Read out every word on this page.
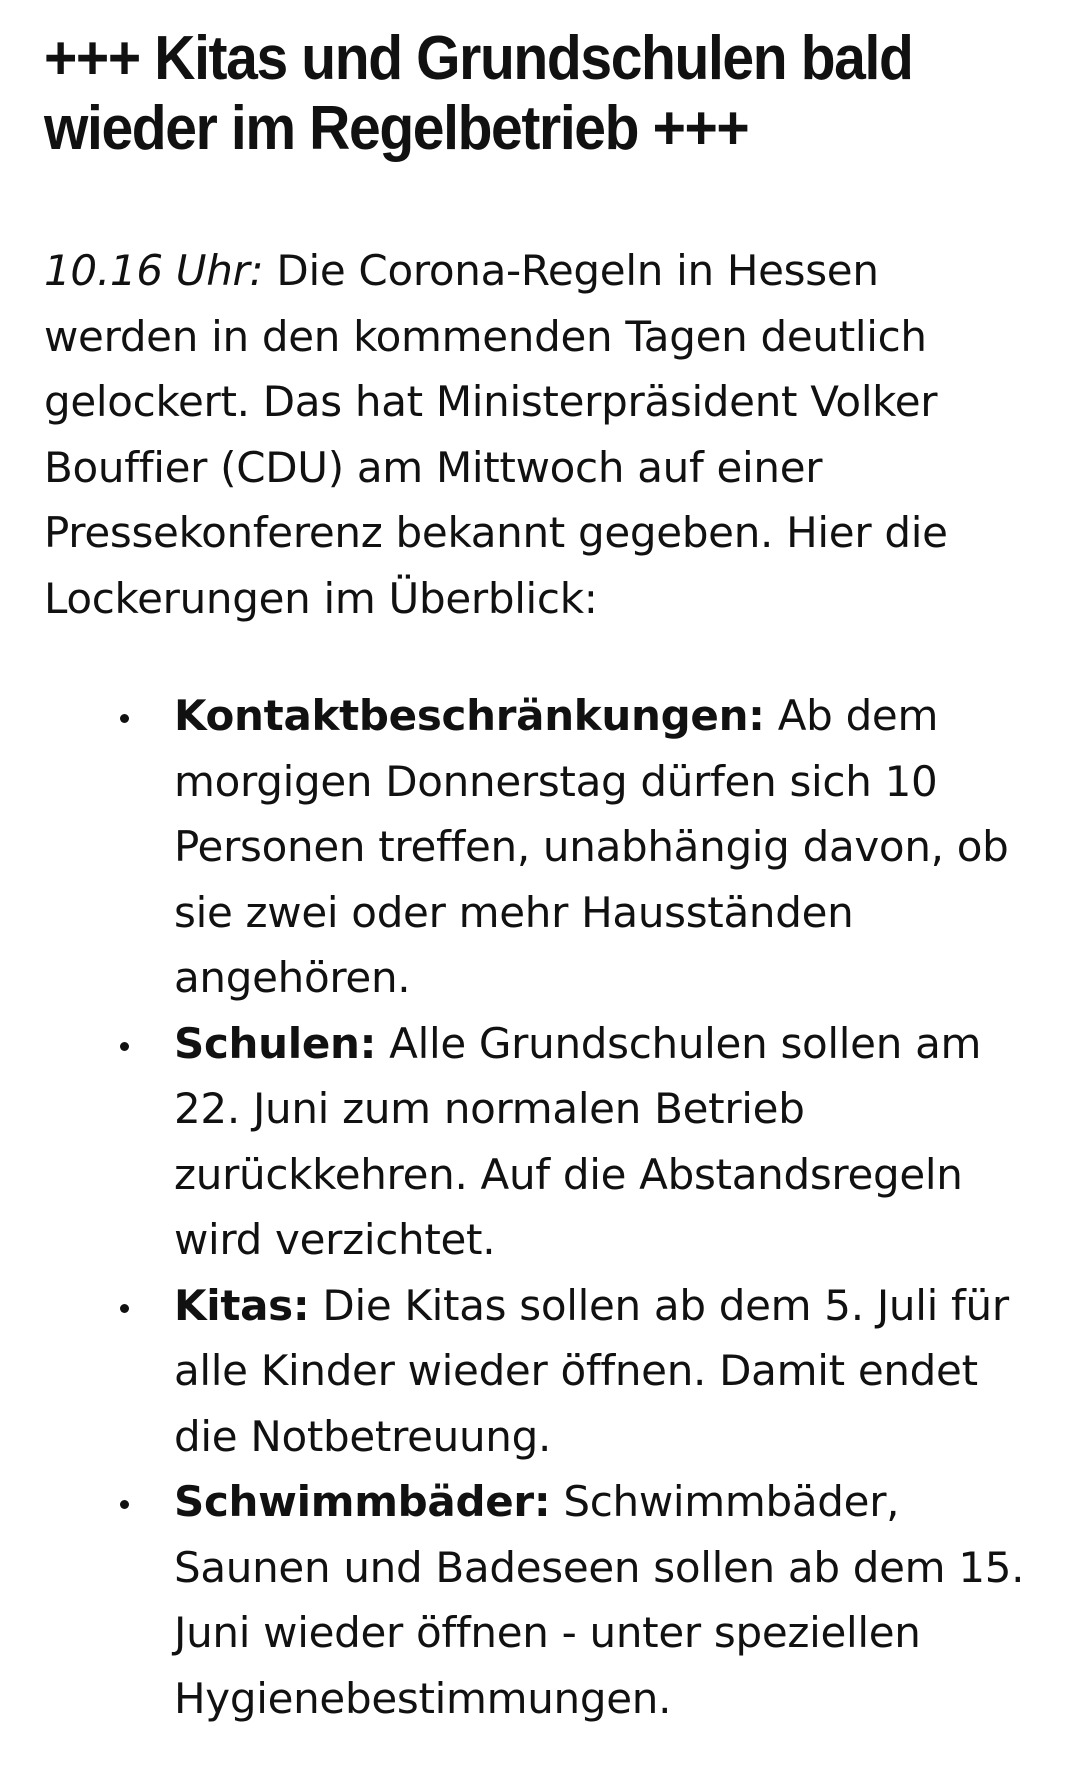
+++ Kitas und Grundschulen bald wieder im Regelbetrieb +++

10.16 Uhr: Die Corona-Regeln in Hessen werden in den kommenden Tagen deutlich gelockert. Das hat Ministerpräsident Volker Bouffier (CDU) am Mittwoch auf einer Pressekonferenz bekannt gegeben. Hier die Lockerungen im Überblick:

Kontaktbeschränkungen: Ab dem morgigen Donnerstag dürfen sich 10 Personen treffen, unabhängig davon, ob sie zwei oder mehr Hausständen angehören.
Schulen: Alle Grundschulen sollen am 22. Juni zum normalen Betrieb zurückkehren. Auf die Abstandsregeln wird verzichtet.
Kitas: Die Kitas sollen ab dem 5. Juli für alle Kinder wieder öffnen. Damit endet die Notbetreuung.
Schwimmbäder: Schwimmbäder, Saunen und Badeseen sollen ab dem 15. Juni wieder öffnen - unter speziellen Hygienebestimmungen.
